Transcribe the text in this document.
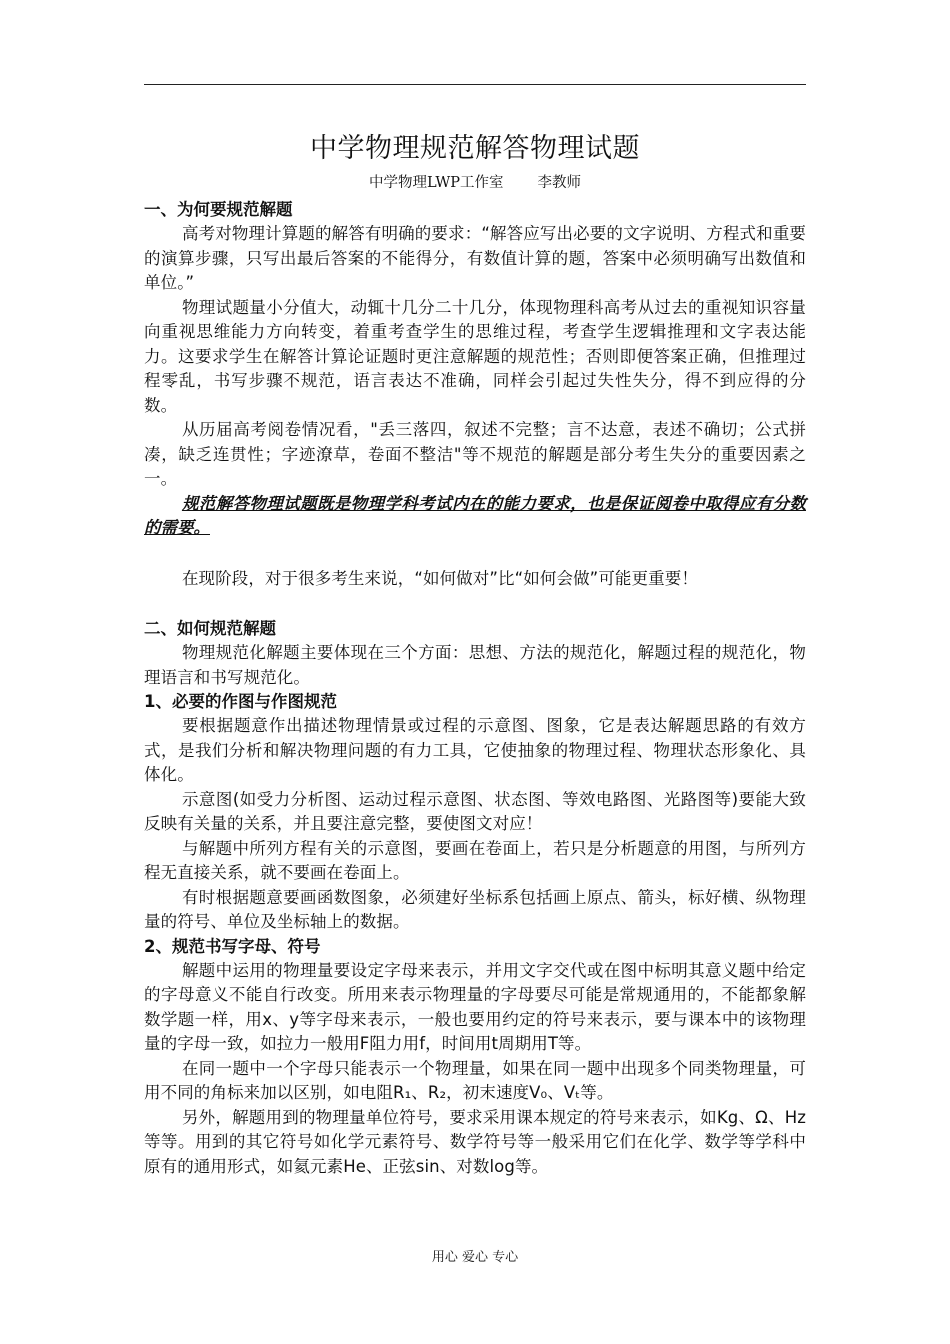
中学物理规范解答物理试题
中学物理LWP工作室 李教师
一、为何要规范解题

高考对物理计算题的解答有明确的要求：“解答应写出必要的文字说明、方程式和重要的演算步骤，只写出最后答案的不能得分，有数值计算的题，答案中必须明确写出数值和单位。”

物理试题量小分值大，动辄十几分二十几分，体现物理科高考从过去的重视知识容量向重视思维能力方向转变，着重考查学生的思维过程，考查学生逻辑推理和文字表达能力。这要求学生在解答计算论证题时更注意解题的规范性；否则即便答案正确，但推理过程零乱，书写步骤不规范，语言表达不准确，同样会引起过失性失分，得不到应得的分数。

从历届高考阅卷情况看，"丢三落四，叙述不完整；言不达意，表述不确切；公式拼凑，缺乏连贯性；字迹潦草，卷面不整洁"等不规范的解题是部分考生失分的重要因素之一。

规范解答物理试题既是物理学科考试内在的能力要求，也是保证阅卷中取得应有分数的需要。

在现阶段，对于很多考生来说，“如何做对”比“如何会做”可能更重要！

二、如何规范解题

物理规范化解题主要体现在三个方面：思想、方法的规范化，解题过程的规范化，物理语言和书写规范化。

1、必要的作图与作图规范

要根据题意作出描述物理情景或过程的示意图、图象，它是表达解题思路的有效方式，是我们分析和解决物理问题的有力工具，它使抽象的物理过程、物理状态形象化、具体化。

示意图(如受力分析图、运动过程示意图、状态图、等效电路图、光路图等)要能大致反映有关量的关系，并且要注意完整，要使图文对应！

与解题中所列方程有关的示意图，要画在卷面上，若只是分析题意的用图，与所列方程无直接关系，就不要画在卷面上。

有时根据题意要画函数图象，必须建好坐标系包括画上原点、箭头，标好横、纵物理量的符号、单位及坐标轴上的数据。

2、规范书写字母、符号

解题中运用的物理量要设定字母来表示，并用文字交代或在图中标明其意义题中给定的字母意义不能自行改变。所用来表示物理量的字母要尽可能是常规通用的，不能都象解数学题一样，用x、y等字母来表示，一般也要用约定的符号来表示，要与课本中的该物理量的字母一致，如拉力一般用F阻力用f，时间用t周期用T等。

在同一题中一个字母只能表示一个物理量，如果在同一题中出现多个同类物理量，可用不同的角标来加以区别，如电阻R₁、R₂，初末速度V₀、Vₜ等。

另外，解题用到的物理量单位符号，要求采用课本规定的符号来表示，如Kg、Ω、Hz等等。用到的其它符号如化学元素符号、数学符号等一般采用它们在化学、数学等学科中原有的通用形式，如氦元素He、正弦sin、对数log等。

用心 爱心 专心
